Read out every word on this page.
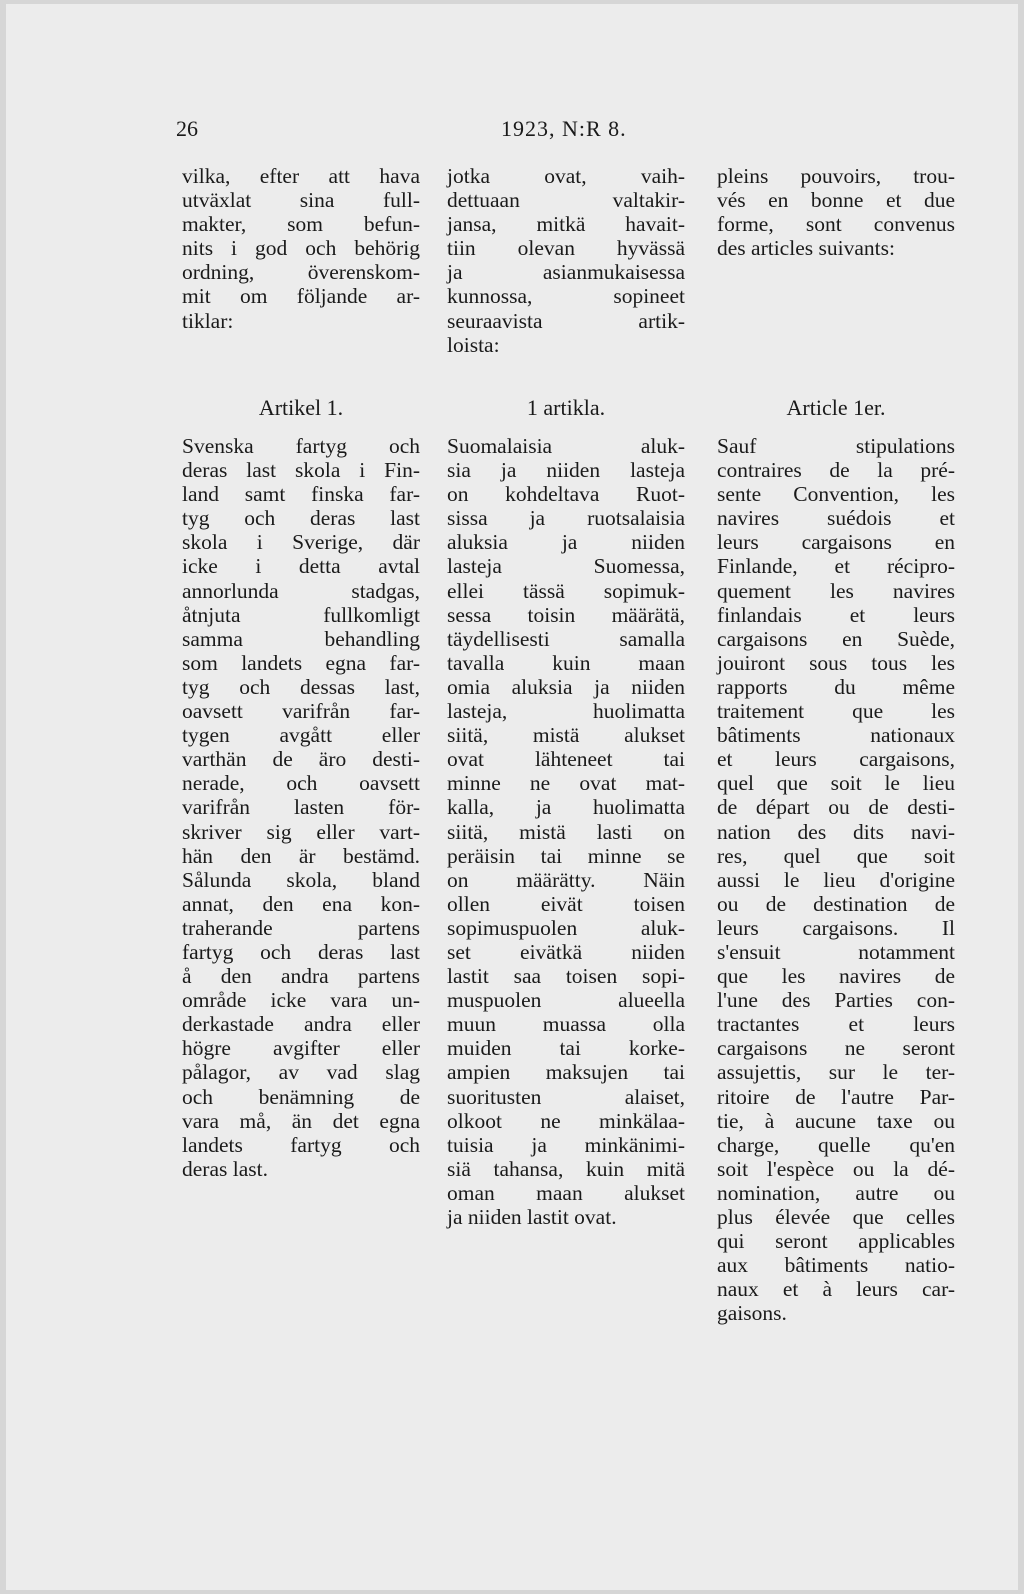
26	1923, N:R 8.
vilka, efter att hava
utväxlat sina full-
makter, som befun-
nits i god och behörig
ordning, överenskom-
mit om följande ar-
tiklar:
Artikel 1.
Svenska fartyg och
deras last skola i Fin-
land samt finska far-
tyg och deras last
skola i Sverige, där
icke i detta avtal
annorlunda stadgas,
åtnjuta fullkomligt
samma behandling
som landets egna far-
tyg och dessas last,
oavsett varifrån far-
tygen avgått eller
varthän de äro desti-
nerade, och oavsett
varifrån lasten för-
skriver sig eller vart-
hän den är bestämd.
Sålunda skola, bland
annat, den ena kon-
traherande partens
fartyg och deras last
å den andra partens
område icke vara un-
derkastade andra eller
högre avgifter eller
pålagor, av vad slag
och benämning de
vara må, än det egna
landets fartyg och
deras last.
jotka ovat, vaih-
dettuaan valtakir-
jansa, mitkä havait-
tiin olevan hyvässä
ja asianmukaisessa
kunnossa, sopineet
seuraavista artik-
loista:
1 artikla.
Suomalaisia aluk-
sia ja niiden lasteja
on kohdeltava Ruot-
sissa ja ruotsalaisia
aluksia ja niiden
lasteja Suomessa,
ellei tässä sopimuk-
sessa toisin määrätä,
täydellisesti samalla
tavalla kuin maan
omia aluksia ja niiden
lasteja, huolimatta
siitä, mistä alukset
ovat lähteneet tai
minne ne ovat mat-
kalla, ja huolimatta
siitä, mistä lasti on
peräisin tai minne se
on määrätty. Näin
ollen eivät toisen
sopimuspuolen aluk-
set eivätkä niiden
lastit saa toisen sopi-
muspuolen alueella
muun muassa olla
muiden tai korke-
ampien maksujen tai
suoritusten alaiset,
olkoot ne minkälaa-
tuisia ja minkänimi-
siä tahansa, kuin mitä
oman maan alukset
ja niiden lastit ovat.
pleins pouvoirs, trou-
vés en bonne et due
forme, sont convenus
des articles suivants:
Article 1er.
Sauf stipulations
contraires de la pré-
sente Convention, les
navires suédois et
leurs cargaisons en
Finlande, et récipro-
quement les navires
finlandais et leurs
cargaisons en Suède,
jouiront sous tous les
rapports du même
traitement que les
bâtiments nationaux
et leurs cargaisons,
quel que soit le lieu
de départ ou de desti-
nation des dits navi-
res, quel que soit
aussi le lieu d'origine
ou de destination de
leurs cargaisons. Il
s'ensuit notamment
que les navires de
l'une des Parties con-
tractantes et leurs
cargaisons ne seront
assujettis, sur le ter-
ritoire de l'autre Par-
tie, à aucune taxe ou
charge, quelle qu'en
soit l'espèce ou la dé-
nomination, autre ou
plus élevée que celles
qui seront applicables
aux bâtiments natio-
naux et à leurs car-
gaisons.
